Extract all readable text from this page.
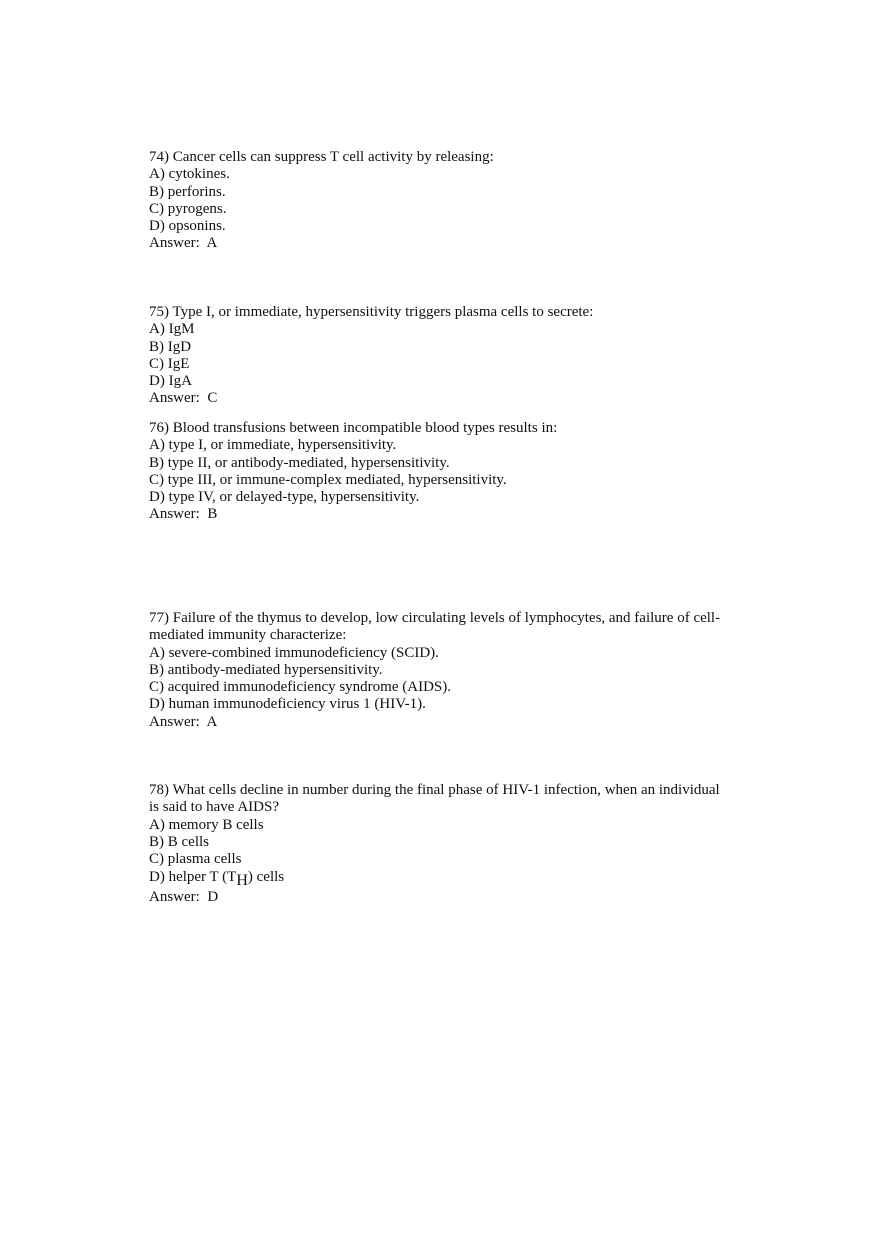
74) Cancer cells can suppress T cell activity by releasing:
A) cytokines.
B) perforins.
C) pyrogens.
D) opsonins.
Answer:  A
75) Type I, or immediate, hypersensitivity triggers plasma cells to secrete:
A) IgM
B) IgD
C) IgE
D) IgA
Answer:  C
76) Blood transfusions between incompatible blood types results in:
A) type I, or immediate, hypersensitivity.
B) type II, or antibody-mediated, hypersensitivity.
C) type III, or immune-complex mediated, hypersensitivity.
D) type IV, or delayed-type, hypersensitivity.
Answer:  B
77) Failure of the thymus to develop, low circulating levels of lymphocytes, and failure of cell-mediated immunity characterize:
A) severe-combined immunodeficiency (SCID).
B) antibody-mediated hypersensitivity.
C) acquired immunodeficiency syndrome (AIDS).
D) human immunodeficiency virus 1 (HIV-1).
Answer:  A
78) What cells decline in number during the final phase of HIV-1 infection, when an individual is said to have AIDS?
A) memory B cells
B) B cells
C) plasma cells
D) helper T (TH) cells
Answer:  D
